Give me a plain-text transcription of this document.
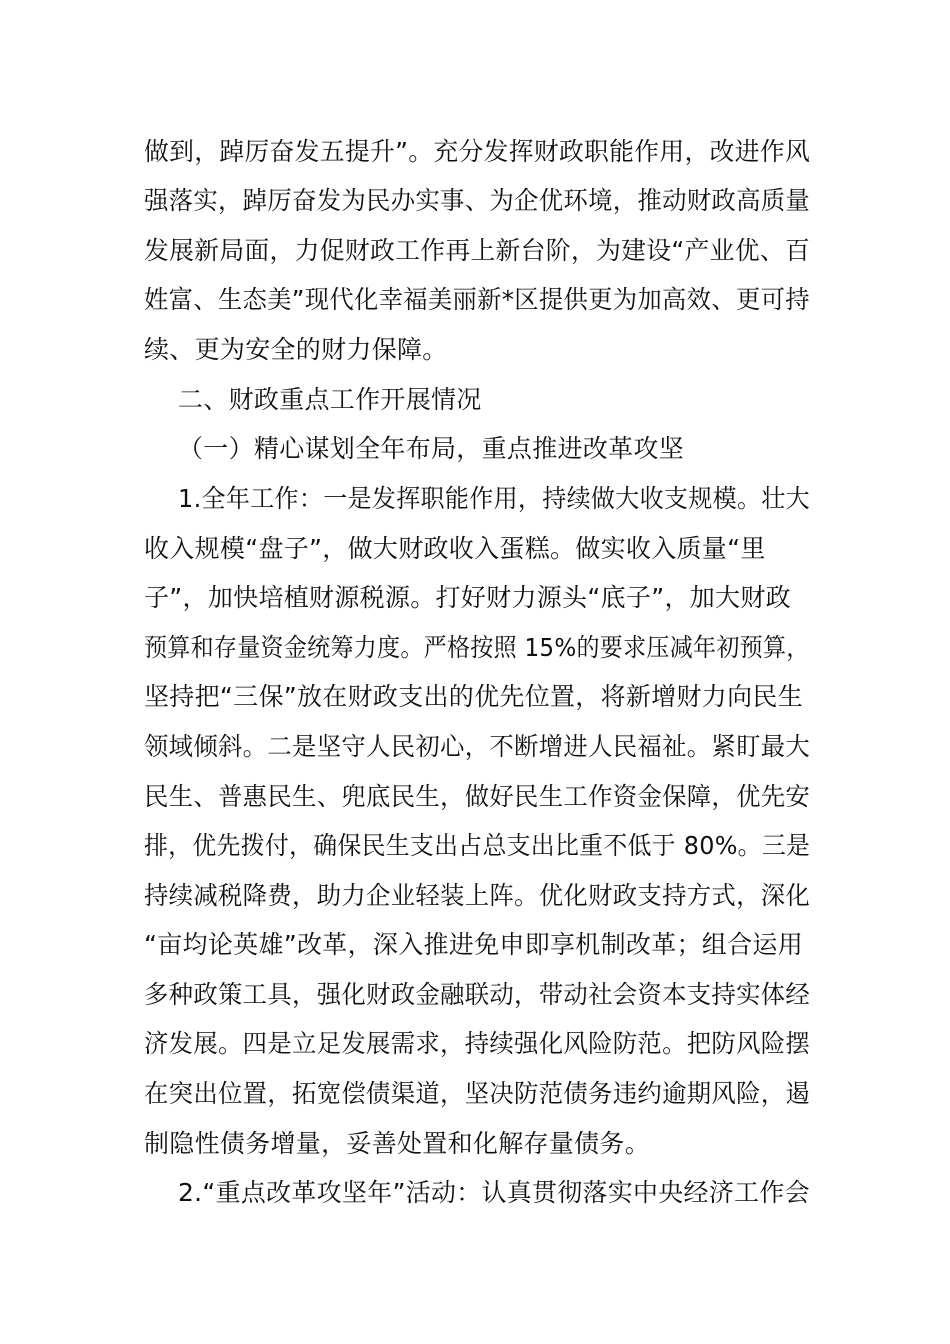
做到，踔厉奋发五提升”。充分发挥财政职能作用，改进作风
强落实，踔厉奋发为民办实事、为企优环境，推动财政高质量
发展新局面，力促财政工作再上新台阶，为建设“产业优、百
姓富、生态美”现代化幸福美丽新*区提供更为加高效、更可持
续、更为安全的财力保障。
二、财政重点工作开展情况
（一）精心谋划全年布局，重点推进改革攻坚
1.全年工作：一是发挥职能作用，持续做大收支规模。壮大
收入规模“盘子”，做大财政收入蛋糕。做实收入质量“里
子”，加快培植财源税源。打好财力源头“底子”，加大财政
预算和存量资金统筹力度。严格按照 15%的要求压减年初预算，
坚持把“三保”放在财政支出的优先位置，将新增财力向民生
领域倾斜。二是坚守人民初心，不断增进人民福祉。紧盯最大
民生、普惠民生、兜底民生，做好民生工作资金保障，优先安
排，优先拨付，确保民生支出占总支出比重不低于 80%。三是
持续减税降费，助力企业轻装上阵。优化财政支持方式，深化
“亩均论英雄”改革，深入推进免申即享机制改革；组合运用
多种政策工具，强化财政金融联动，带动社会资本支持实体经
济发展。四是立足发展需求，持续强化风险防范。把防风险摆
在突出位置，拓宽偿债渠道，坚决防范债务违约逾期风险，遏
制隐性债务增量，妥善处置和化解存量债务。
2.“重点改革攻坚年”活动：认真贯彻落实中央经济工作会
